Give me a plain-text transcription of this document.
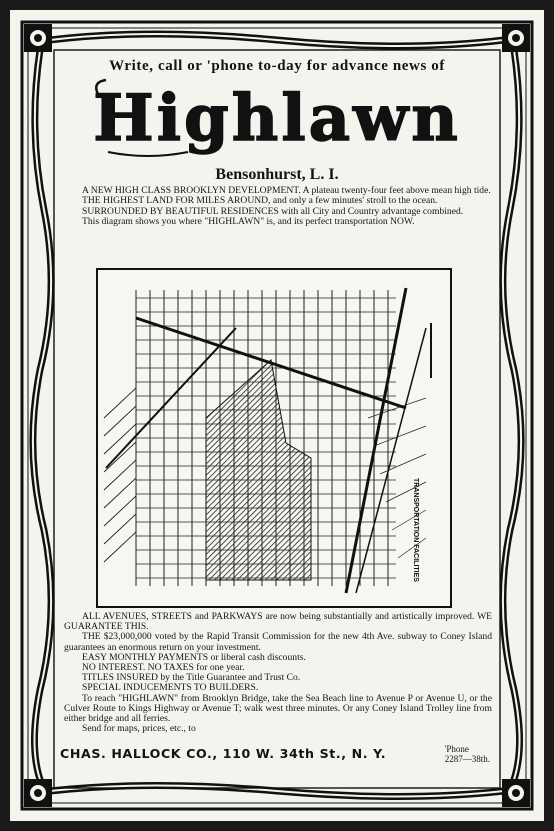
Write, call or 'phone to-day for advance news of
Highlawn
Bensonhurst, L. I.

A NEW HIGH CLASS BROOKLYN DEVELOPMENT. A plateau twenty-four feet above mean high tide.

THE HIGHEST LAND FOR MILES AROUND, and only a few minutes' stroll to the ocean.

SURROUNDED BY BEAUTIFUL RESIDENCES with all City and Country advantage combined.

This diagram shows you where "HIGHLAWN" is, and its perfect transportation NOW.

TRANSPORTATION FACILITIES

ALL AVENUES, STREETS and PARKWAYS are now being substantially and artistically improved. WE GUARANTEE THIS.

THE $23,000,000 voted by the Rapid Transit Commission for the new 4th Ave. subway to Coney Island guarantees an enormous return on your investment.

EASY MONTHLY PAYMENTS or liberal cash discounts.

NO INTEREST. NO TAXES for one year.

TITLES INSURED by the Title Guarantee and Trust Co.

SPECIAL INDUCEMENTS TO BUILDERS.

To reach "HIGHLAWN" from Brooklyn Bridge, take the Sea Beach line to Avenue P or Avenue U, or the Culver Route to Kings Highway or Avenue T; walk west three minutes. Or any Coney Island Trolley line from either bridge and all ferries.

Send for maps, prices, etc., to

CHAS. HALLOCK CO., 110 W. 34th St., N. Y.	'Phone
2287—38th.
